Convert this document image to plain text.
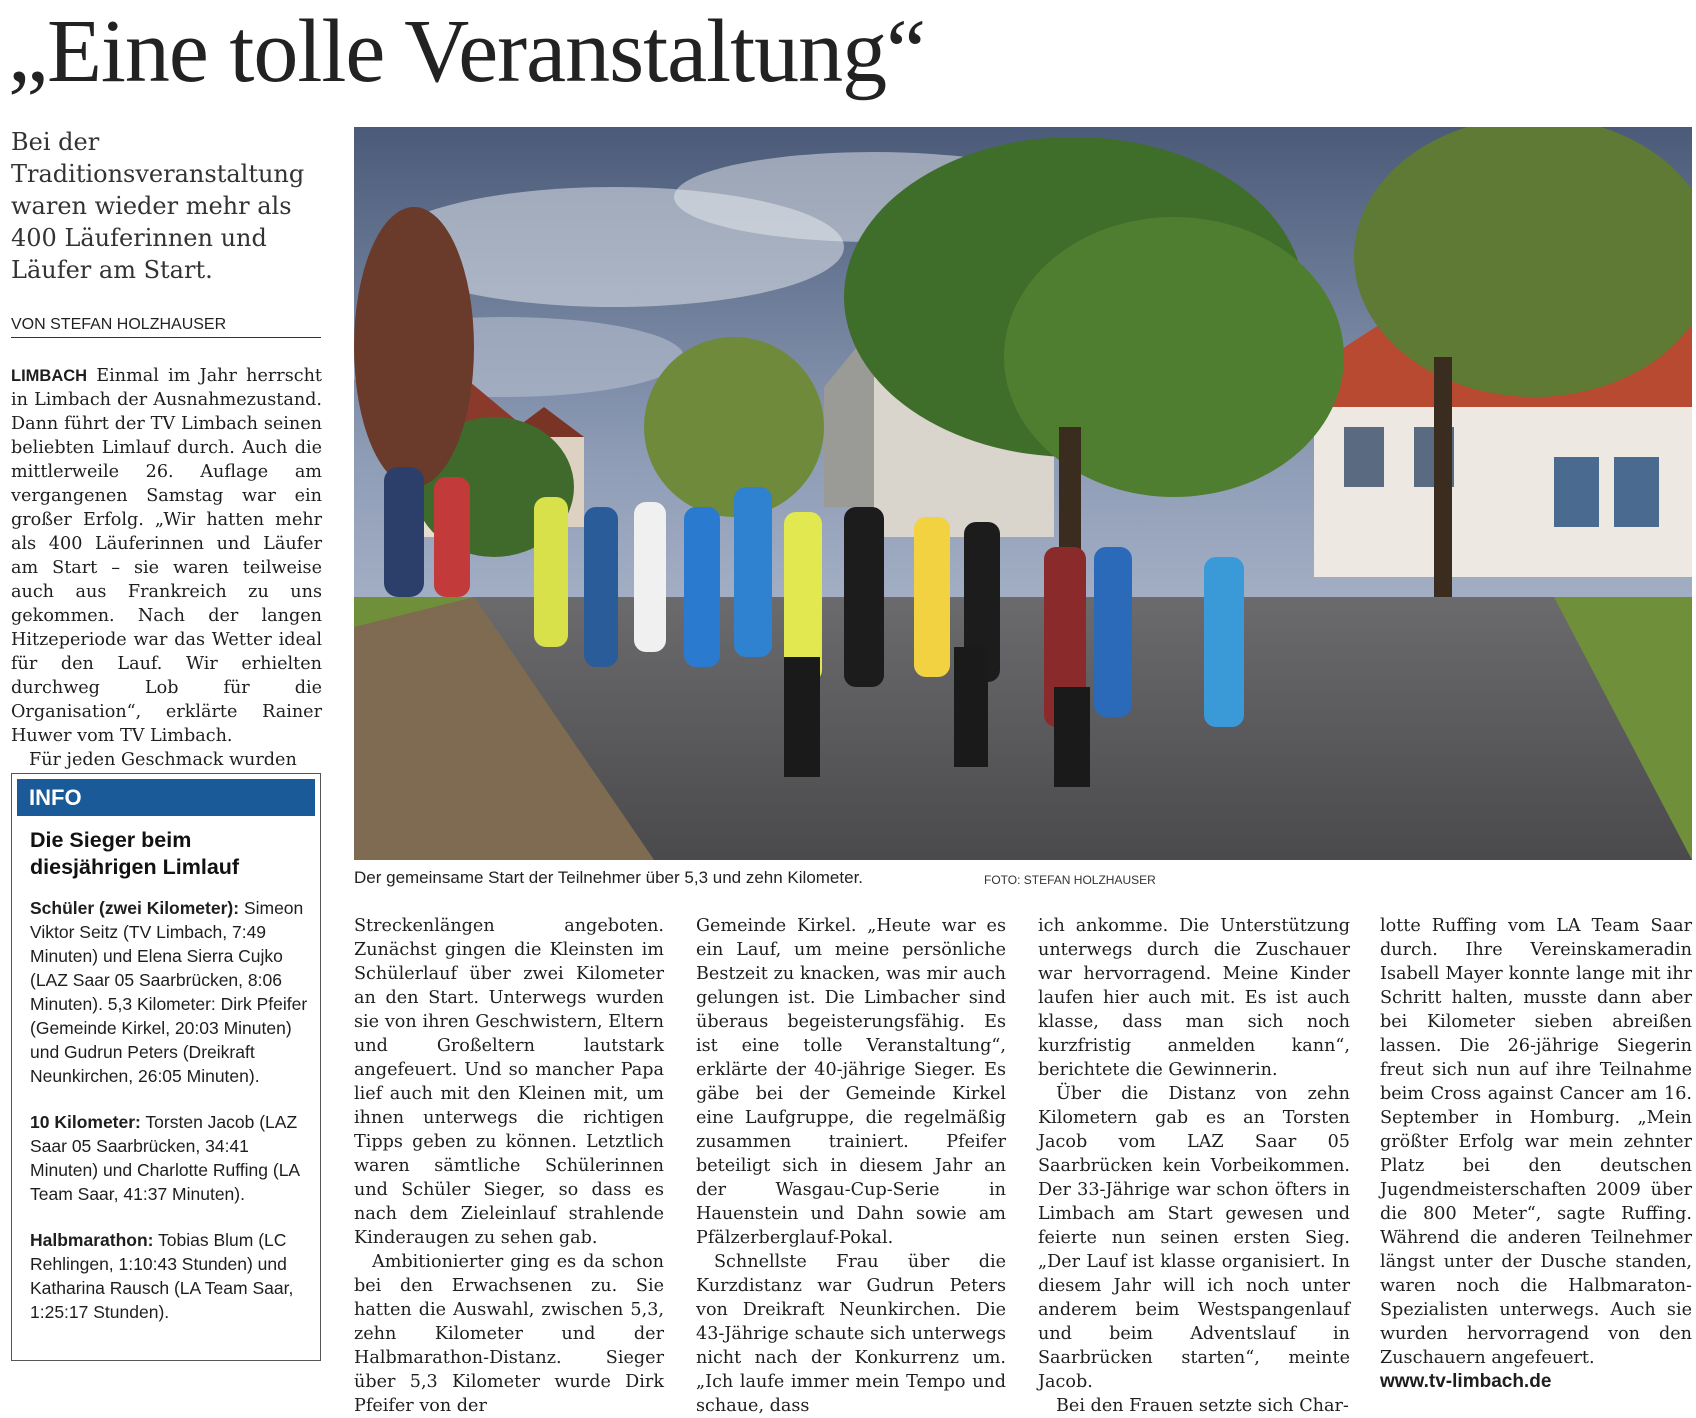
„Eine tolle Veranstaltung“
Bei der Traditionsveranstaltung waren wieder mehr als 400 Läuferinnen und Läufer am Start.
VON STEFAN HOLZHAUSER

LIMBACH Einmal im Jahr herrscht in Limbach der Ausnahmezustand. Dann führt der TV Limbach seinen beliebten Limlauf durch. Auch die mittlerweile 26. Auflage am vergangenen Samstag war ein großer Erfolg. „Wir hatten mehr als 400 Läuferinnen und Läufer am Start – sie waren teilweise auch aus Frankreich zu uns gekommen. Nach der langen Hitzeperiode war das Wetter ideal für den Lauf. Wir erhielten durchweg Lob für die Organisation“, erklärte Rainer Huwer vom TV Limbach.

Für jeden Geschmack wurden

INFO
Die Sieger beim diesjährigen Limlauf

Schüler (zwei Kilometer): Simeon Viktor Seitz (TV Limbach, 7:49 Minuten) und Elena Sierra Cujko (LAZ Saar 05 Saarbrücken, 8:06 Minuten). 5,3 Kilometer: Dirk Pfeifer (Gemeinde Kirkel, 20:03 Minuten) und Gudrun Peters (Dreikraft Neunkirchen, 26:05 Minuten).

10 Kilometer: Torsten Jacob (LAZ Saar 05 Saarbrücken, 34:41 Minuten) und Charlotte Ruffing (LA Team Saar, 41:37 Minuten).

Halbmarathon: Tobias Blum (LC Rehlingen, 1:10:43 Stunden) und Katharina Rausch (LA Team Saar, 1:25:17 Stunden).

Der gemeinsame Start der Teilnehmer über 5,3 und zehn Kilometer.	FOTO: STEFAN HOLZHAUSER

Streckenlängen angeboten. Zunächst gingen die Kleinsten im Schülerlauf über zwei Kilometer an den Start. Unterwegs wurden sie von ihren Geschwistern, Eltern und Großeltern lautstark angefeuert. Und so mancher Papa lief auch mit den Kleinen mit, um ihnen unterwegs die richtigen Tipps geben zu können. Letztlich waren sämtliche Schülerinnen und Schüler Sieger, so dass es nach dem Zieleinlauf strahlende Kinderaugen zu sehen gab.

Ambitionierter ging es da schon bei den Erwachsenen zu. Sie hatten die Auswahl, zwischen 5,3, zehn Kilometer und der Halbmarathon-Distanz. Sieger über 5,3 Kilometer wurde Dirk Pfeifer von der

Gemeinde Kirkel. „Heute war es ein Lauf, um meine persönliche Bestzeit zu knacken, was mir auch gelungen ist. Die Limbacher sind überaus begeisterungsfähig. Es ist eine tolle Veranstaltung“, erklärte der 40-jährige Sieger. Es gäbe bei der Gemeinde Kirkel eine Laufgruppe, die regelmäßig zusammen trainiert. Pfeifer beteiligt sich in diesem Jahr an der Wasgau-Cup-Serie in Hauenstein und Dahn sowie am Pfälzerberglauf-Pokal.

Schnellste Frau über die Kurzdistanz war Gudrun Peters von Dreikraft Neunkirchen. Die 43-Jährige schaute sich unterwegs nicht nach der Konkurrenz um. „Ich laufe immer mein Tempo und schaue, dass

ich ankomme. Die Unterstützung unterwegs durch die Zuschauer war hervorragend. Meine Kinder laufen hier auch mit. Es ist auch klasse, dass man sich noch kurzfristig anmelden kann“, berichtete die Gewinnerin.

Über die Distanz von zehn Kilometern gab es an Torsten Jacob vom LAZ Saar 05 Saarbrücken kein Vorbeikommen. Der 33-Jährige war schon öfters in Limbach am Start gewesen und feierte nun seinen ersten Sieg. „Der Lauf ist klasse organisiert. In diesem Jahr will ich noch unter anderem beim Westspangenlauf und beim Adventslauf in Saarbrücken starten“, meinte Jacob.

Bei den Frauen setzte sich Char-

lotte Ruffing vom LA Team Saar durch. Ihre Vereinskameradin Isabell Mayer konnte lange mit ihr Schritt halten, musste dann aber bei Kilometer sieben abreißen lassen. Die 26-jährige Siegerin freut sich nun auf ihre Teilnahme beim Cross against Cancer am 16. September in Homburg. „Mein größter Erfolg war mein zehnter Platz bei den deutschen Jugendmeisterschaften 2009 über die 800 Meter“, sagte Ruffing. Während die anderen Teilnehmer längst unter der Dusche standen, waren noch die Halbmaraton-Spezialisten unterwegs. Auch sie wurden hervorragend von den Zuschauern angefeuert.

www.tv-limbach.de
